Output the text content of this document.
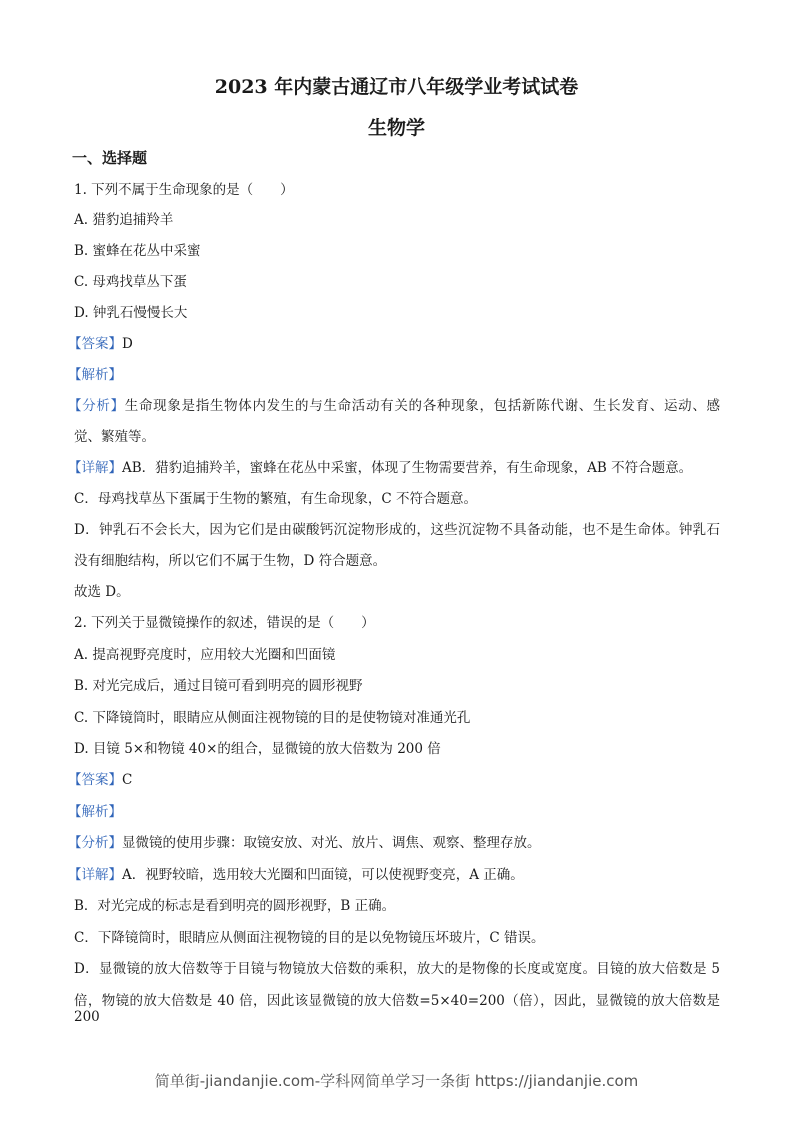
2023 年内蒙古通辽市八年级学业考试试卷
生物学
一、选择题
1. 下列不属于生命现象的是（　　）
A. 猎豹追捕羚羊
B. 蜜蜂在花丛中采蜜
C. 母鸡找草丛下蛋
D. 钟乳石慢慢长大
【答案】D
【解析】
【分析】生命现象是指生物体内发生的与生命活动有关的各种现象，包括新陈代谢、生长发育、运动、感
觉、繁殖等。
【详解】AB．猎豹追捕羚羊，蜜蜂在花丛中采蜜，体现了生物需要营养，有生命现象，AB 不符合题意。
C．母鸡找草丛下蛋属于生物的繁殖，有生命现象，C 不符合题意。
D．钟乳石不会长大，因为它们是由碳酸钙沉淀物形成的，这些沉淀物不具备动能，也不是生命体。钟乳石
没有细胞结构，所以它们不属于生物，D 符合题意。
故选 D。
2. 下列关于显微镜操作的叙述，错误的是（　　）
A. 提高视野亮度时，应用较大光圈和凹面镜
B. 对光完成后，通过目镜可看到明亮的圆形视野
C. 下降镜筒时，眼睛应从侧面注视物镜的目的是使物镜对准通光孔
D. 目镜 5×和物镜 40×的组合，显微镜的放大倍数为 200 倍
【答案】C
【解析】
【分析】显微镜的使用步骤：取镜安放、对光、放片、调焦、观察、整理存放。
【详解】A．视野较暗，选用较大光圈和凹面镜，可以使视野变亮，A 正确。
B．对光完成的标志是看到明亮的圆形视野，B 正确。
C．下降镜筒时，眼睛应从侧面注视物镜的目的是以免物镜压坏玻片，C 错误。
D．显微镜的放大倍数等于目镜与物镜放大倍数的乘积，放大的是物像的长度或宽度。目镜的放大倍数是 5
倍，物镜的放大倍数是 40 倍，因此该显微镜的放大倍数=5×40=200（倍），因此，显微镜的放大倍数是 200
简单街-jiandanjie.com-学科网简单学习一条街 https://jiandanjie.com
